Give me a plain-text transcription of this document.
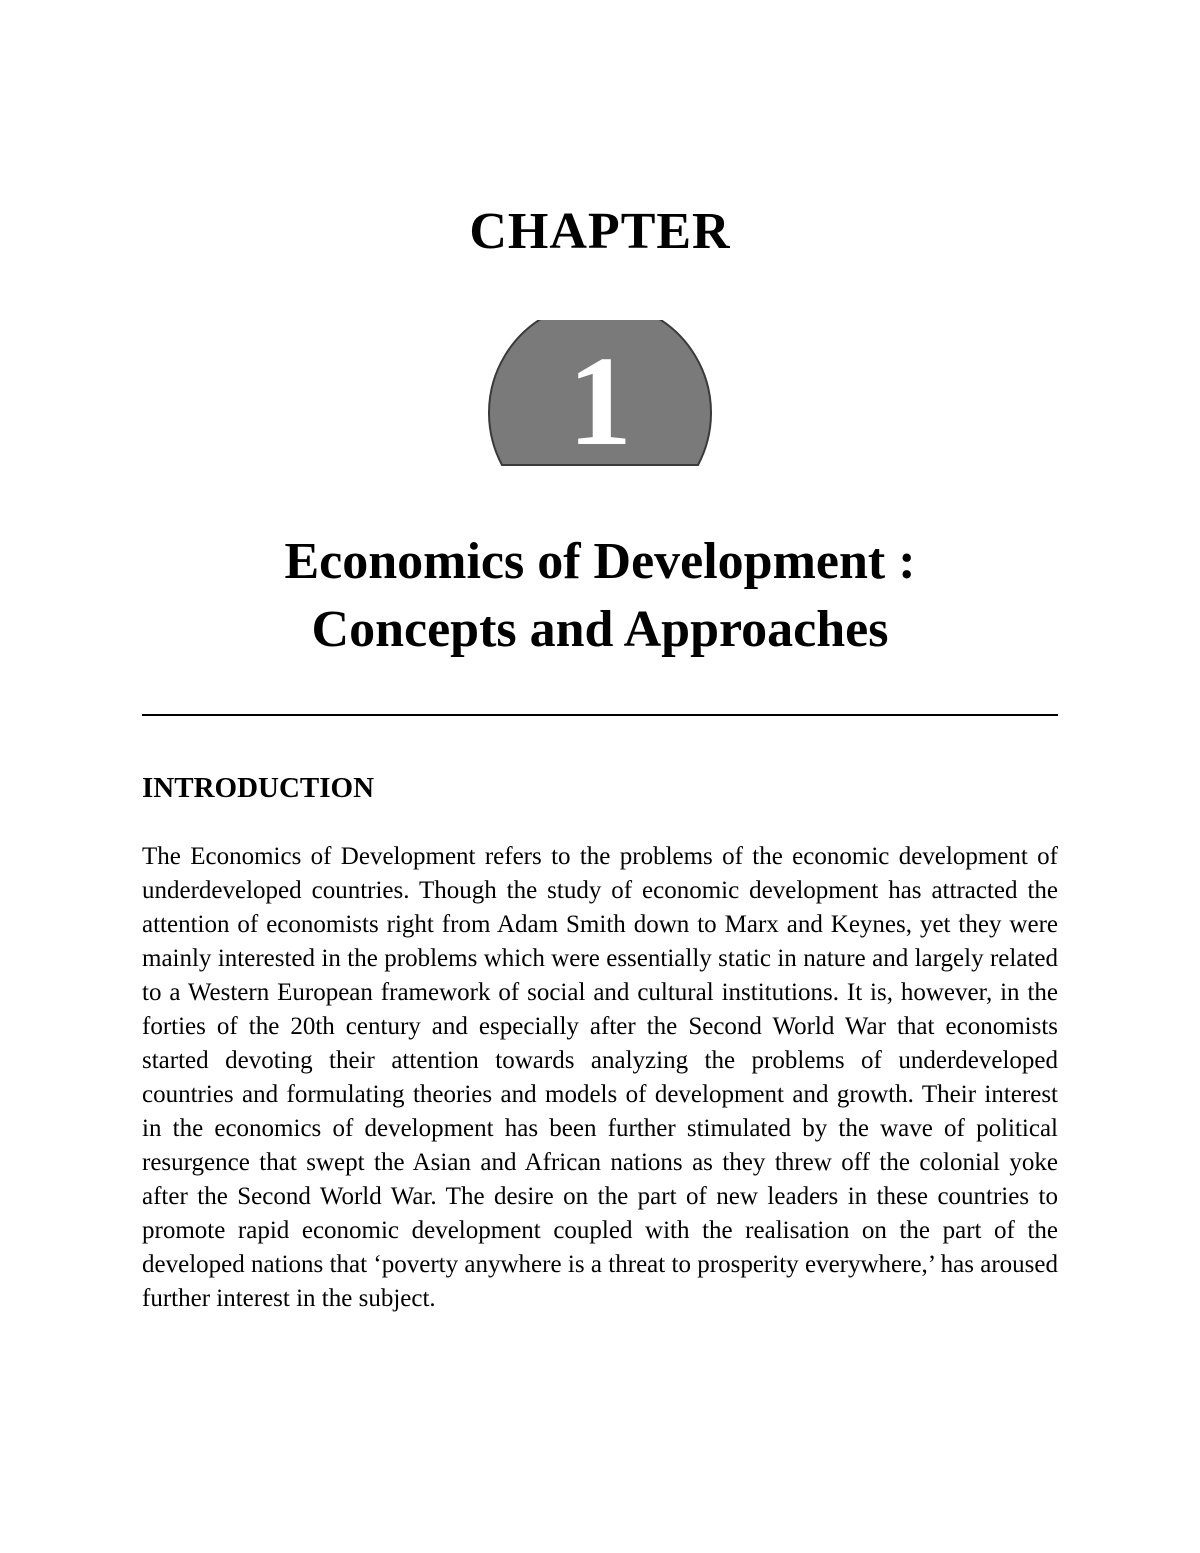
CHAPTER
1
Economics of Development :
Concepts and Approaches
INTRODUCTION

The Economics of Development refers to the problems of the economic development of underdeveloped countries. Though the study of economic development has attracted the attention of economists right from Adam Smith down to Marx and Keynes, yet they were mainly interested in the problems which were essentially static in nature and largely related to a Western European framework of social and cultural institutions. It is, however, in the forties of the 20th century and especially after the Second World War that economists started devoting their attention towards analyzing the problems of underdeveloped countries and formulating theories and models of development and growth. Their interest in the economics of development has been further stimulated by the wave of political resurgence that swept the Asian and African nations as they threw off the colonial yoke after the Second World War. The desire on the part of new leaders in these countries to promote rapid economic development coupled with the realisation on the part of the developed nations that ‘poverty anywhere is a threat to prosperity everywhere,’ has aroused further interest in the subject.
